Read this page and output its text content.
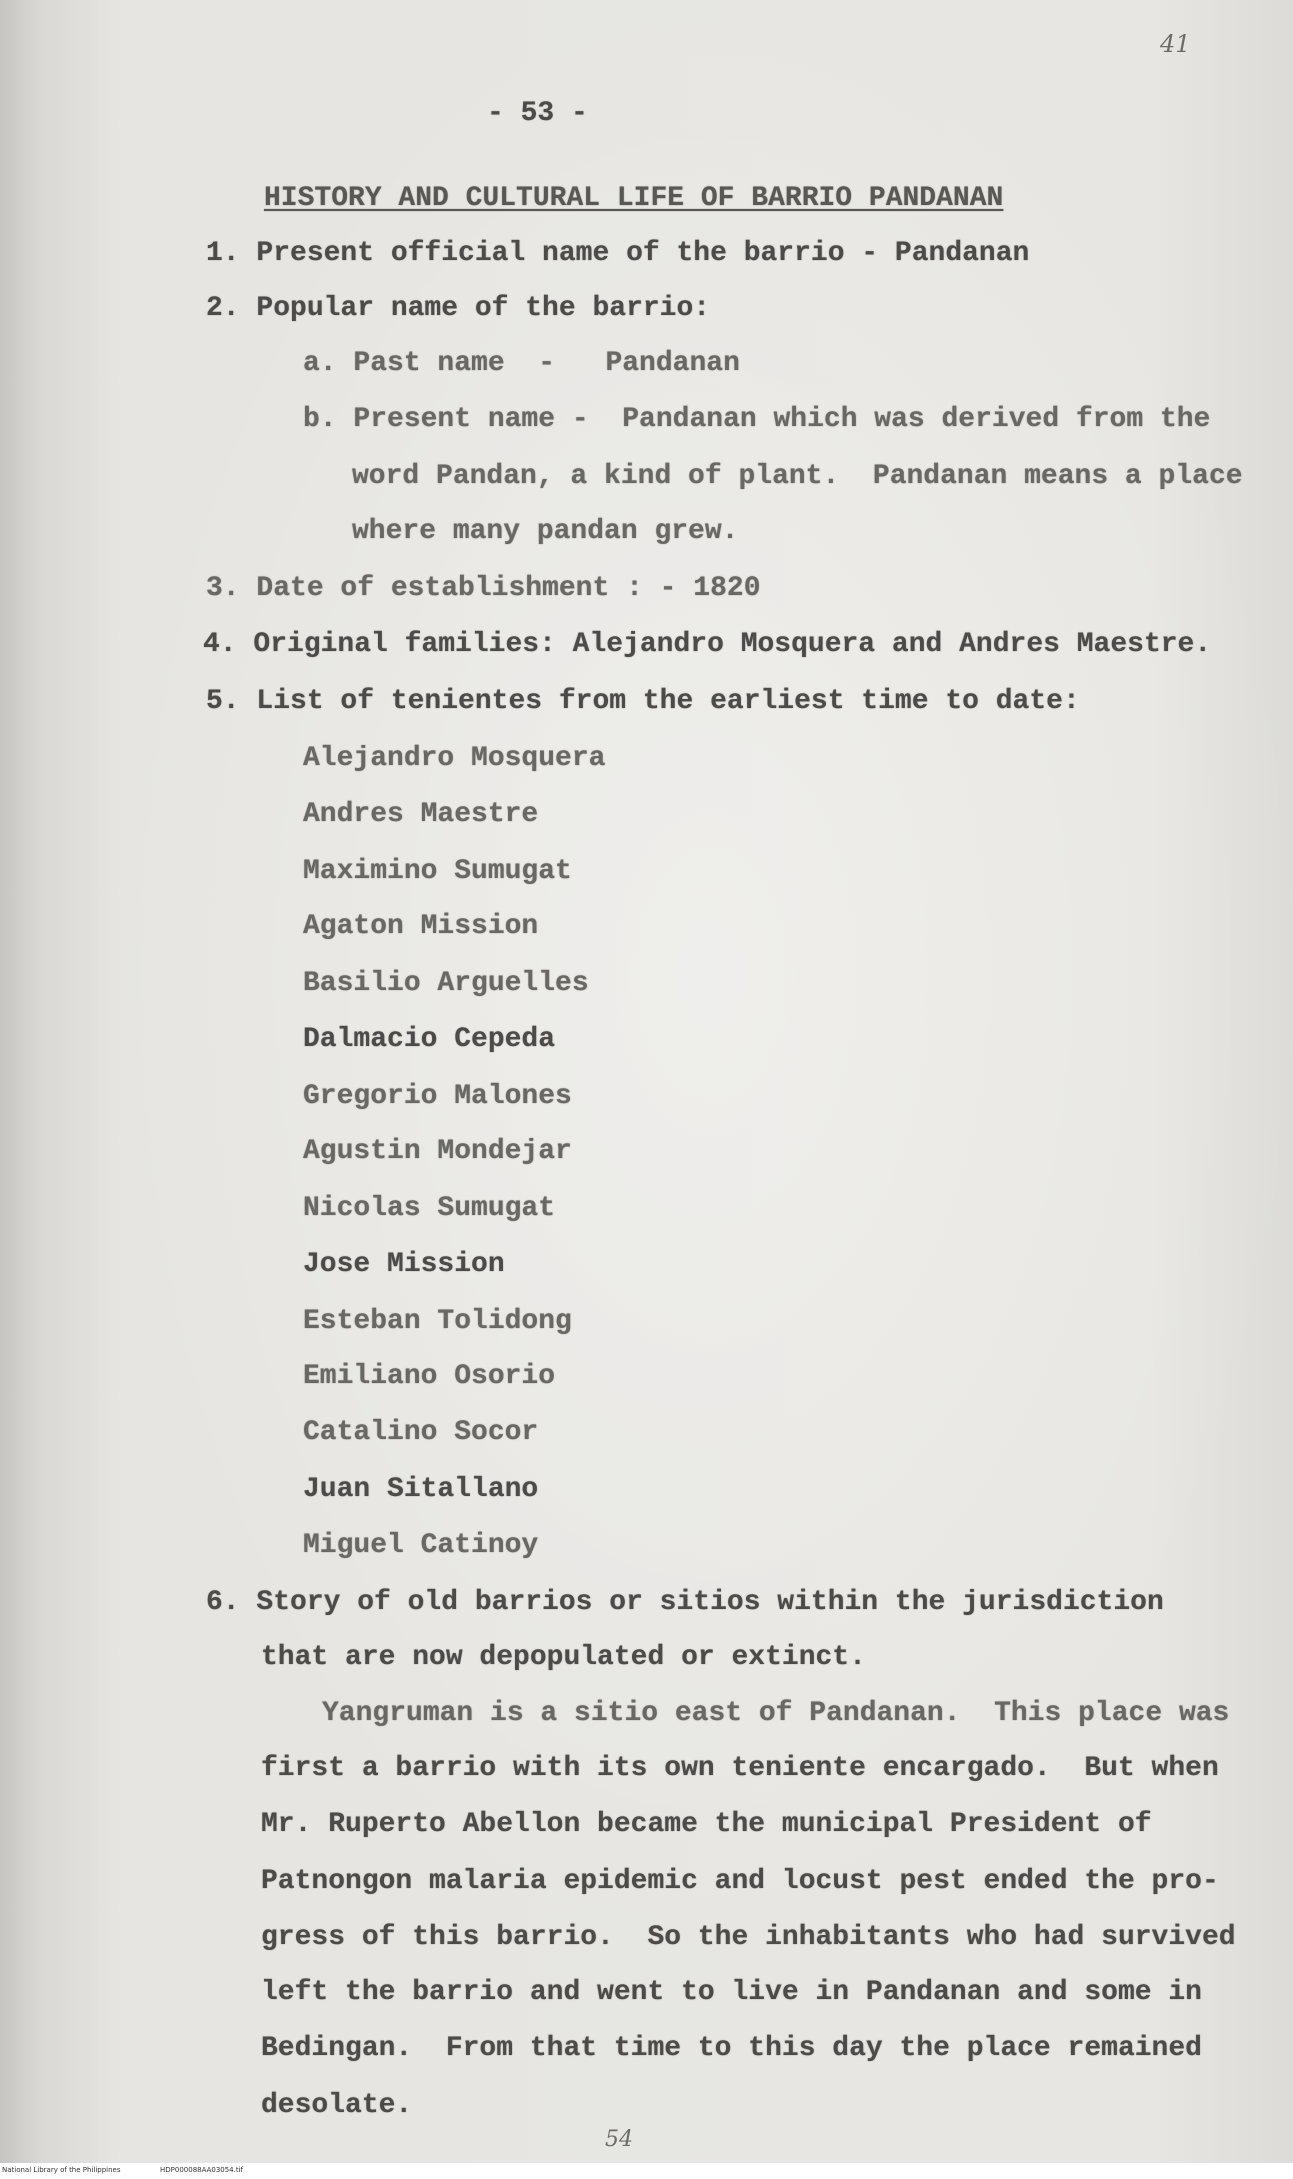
41
- 53 -
HISTORY AND CULTURAL LIFE OF BARRIO PANDANAN
1. Present official name of the barrio - Pandanan
2. Popular name of the barrio:
a. Past name  -   Pandanan
b. Present name -  Pandanan which was derived from the
word Pandan, a kind of plant.  Pandanan means a place
where many pandan grew.
3. Date of establishment : - 1820
4. Original families: Alejandro Mosquera and Andres Maestre.
5. List of tenientes from the earliest time to date:
Alejandro Mosquera
Andres Maestre
Maximino Sumugat
Agaton Mission
Basilio Arguelles
Dalmacio Cepeda
Gregorio Malones
Agustin Mondejar
Nicolas Sumugat
Jose Mission
Esteban Tolidong
Emiliano Osorio
Catalino Socor
Juan Sitallano
Miguel Catinoy
6. Story of old barrios or sitios within the jurisdiction
that are now depopulated or extinct.
Yangruman is a sitio east of Pandanan.  This place was
first a barrio with its own teniente encargado.  But when
Mr. Ruperto Abellon became the municipal President of
Patnongon malaria epidemic and locust pest ended the pro-
gress of this barrio.  So the inhabitants who had survived
left the barrio and went to live in Pandanan and some in
Bedingan.  From that time to this day the place remained
desolate.
54
National Library of the Philippines	HDP000088AA03054.tif
